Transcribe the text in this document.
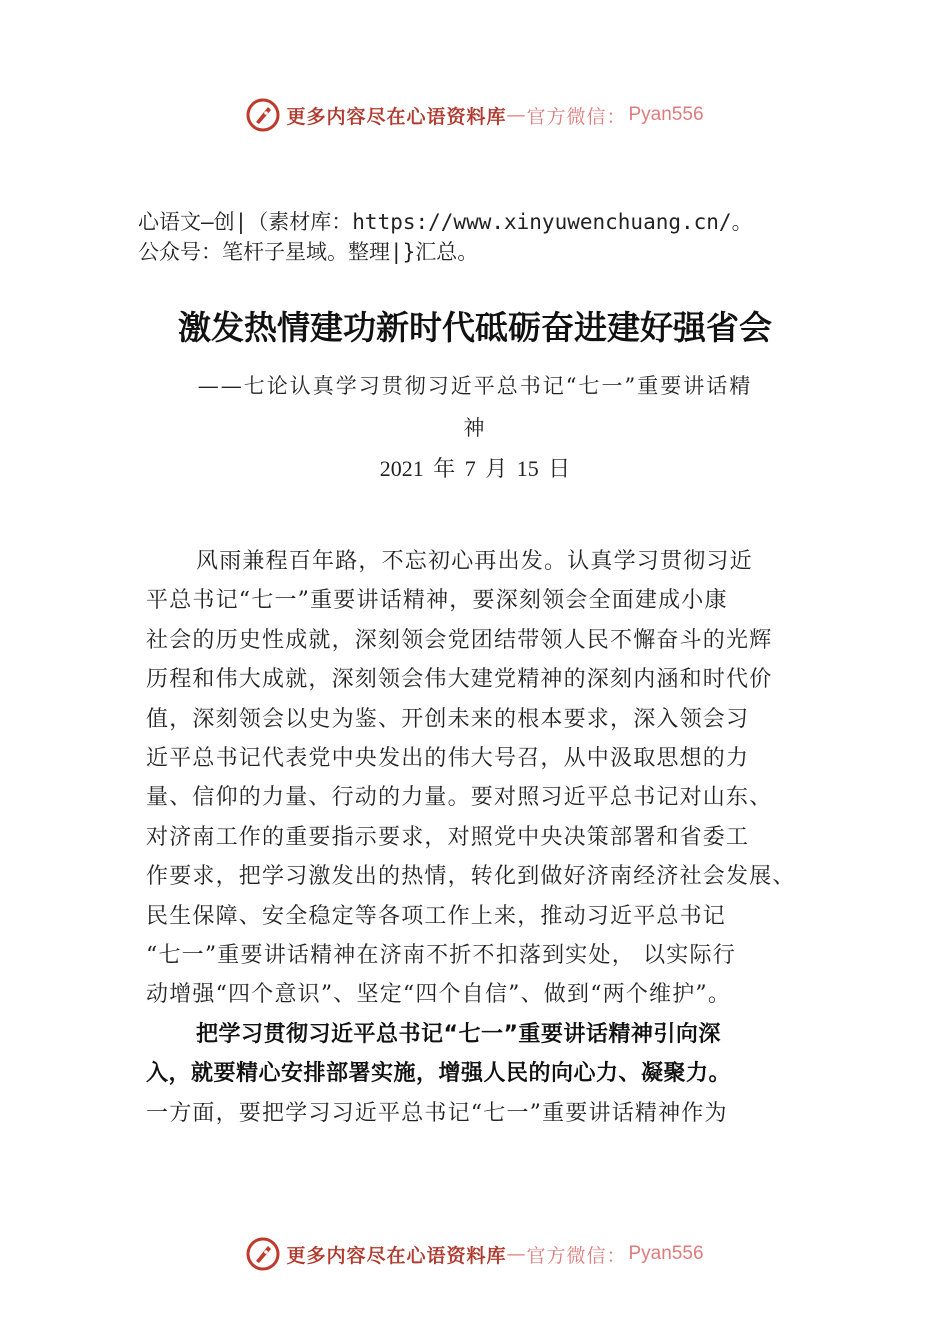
更多内容尽在心语资料库 — 官方微信： Pyan556
心语文—创|（素材库：https://www.xinyuwenchuang.cn/。
公众号：笔杆子星域。整理|}汇总。
激发热情建功新时代砥砺奋进建好强省会
——七论认真学习贯彻习近平总书记“七一”重要讲话精
神
2021 年 7 月 15 日
风雨兼程百年路，不忘初心再出发。认真学习贯彻习近
平总书记“七一”重要讲话精神，要深刻领会全面建成小康
社会的历史性成就，深刻领会党团结带领人民不懈奋斗的光辉
历程和伟大成就，深刻领会伟大建党精神的深刻内涵和时代价
值，深刻领会以史为鉴、开创未来的根本要求，深入领会习
近平总书记代表党中央发出的伟大号召，从中汲取思想的力
量、信仰的力量、行动的力量。要对照习近平总书记对山东、
对济南工作的重要指示要求，对照党中央决策部署和省委工
作要求，把学习激发出的热情，转化到做好济南经济社会发展、
民生保障、安全稳定等各项工作上来，推动习近平总书记
“七一”重要讲话精神在济南不折不扣落到实处， 以实际行
动增强“四个意识”、坚定“四个自信”、做到“两个维护”。
把学习贯彻习近平总书记“七一”重要讲话精神引向深
入，就要精心安排部署实施，增强人民的向心力、凝聚力。
一方面，要把学习习近平总书记“七一”重要讲话精神作为
更多内容尽在心语资料库 — 官方微信： Pyan556
